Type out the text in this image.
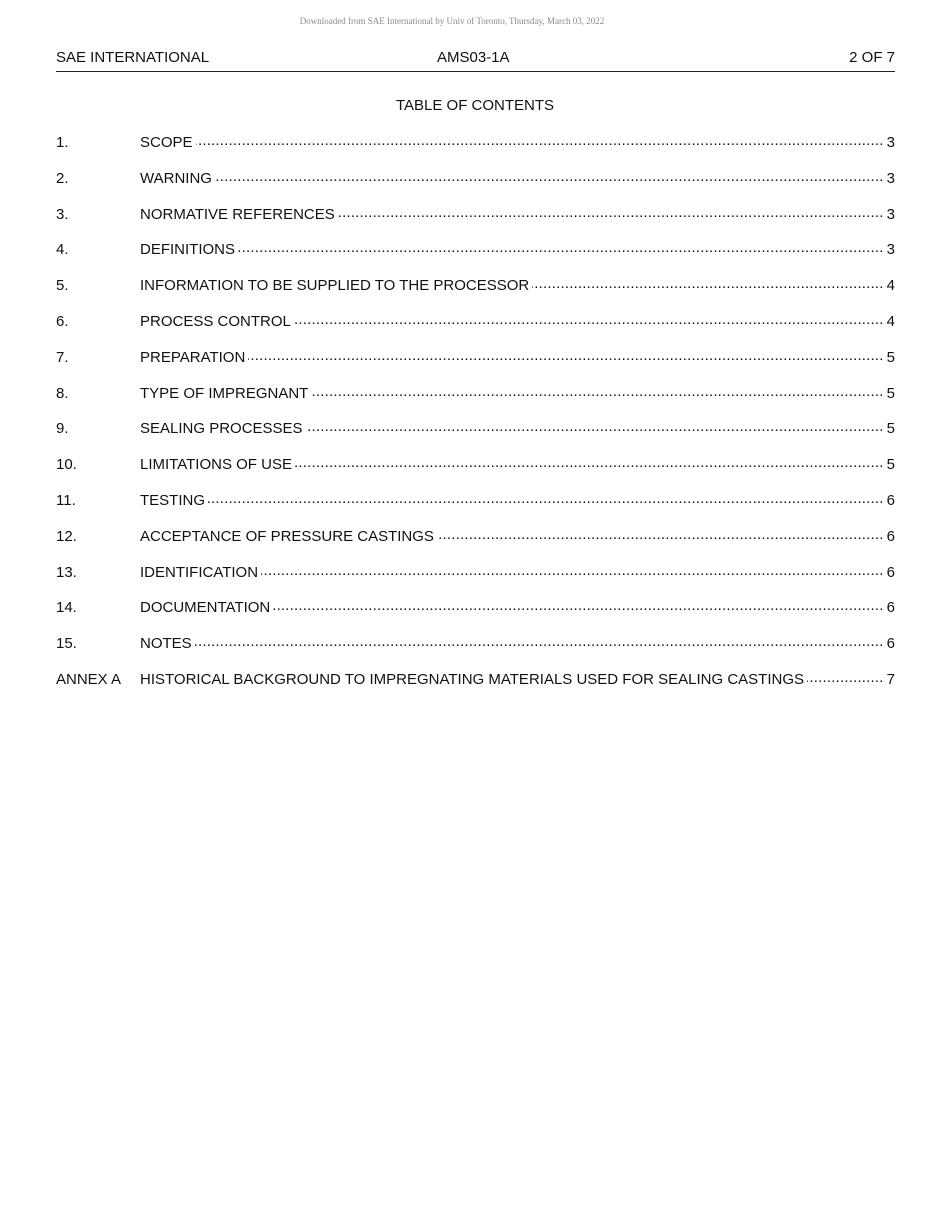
Downloaded from SAE International by Univ of Toronto, Thursday, March 03, 2022
SAE INTERNATIONAL	AMS03-1A	2 OF 7
TABLE OF CONTENTS
1.	SCOPE .....	3
2.	WARNING .....	3
3.	NORMATIVE REFERENCES .....	3
4.	DEFINITIONS .....	3
5.	INFORMATION TO BE SUPPLIED TO THE PROCESSOR .....	4
6.	PROCESS CONTROL .....	4
7.	PREPARATION .....	5
8.	TYPE OF IMPREGNANT .....	5
9.	SEALING PROCESSES .....	5
10.	LIMITATIONS OF USE .....	5
11.	TESTING .....	6
12.	ACCEPTANCE OF PRESSURE CASTINGS .....	6
13.	IDENTIFICATION .....	6
14.	DOCUMENTATION .....	6
15.	NOTES .....	6
ANNEX A	HISTORICAL BACKGROUND TO IMPREGNATING MATERIALS USED FOR SEALING CASTINGS .....	7
